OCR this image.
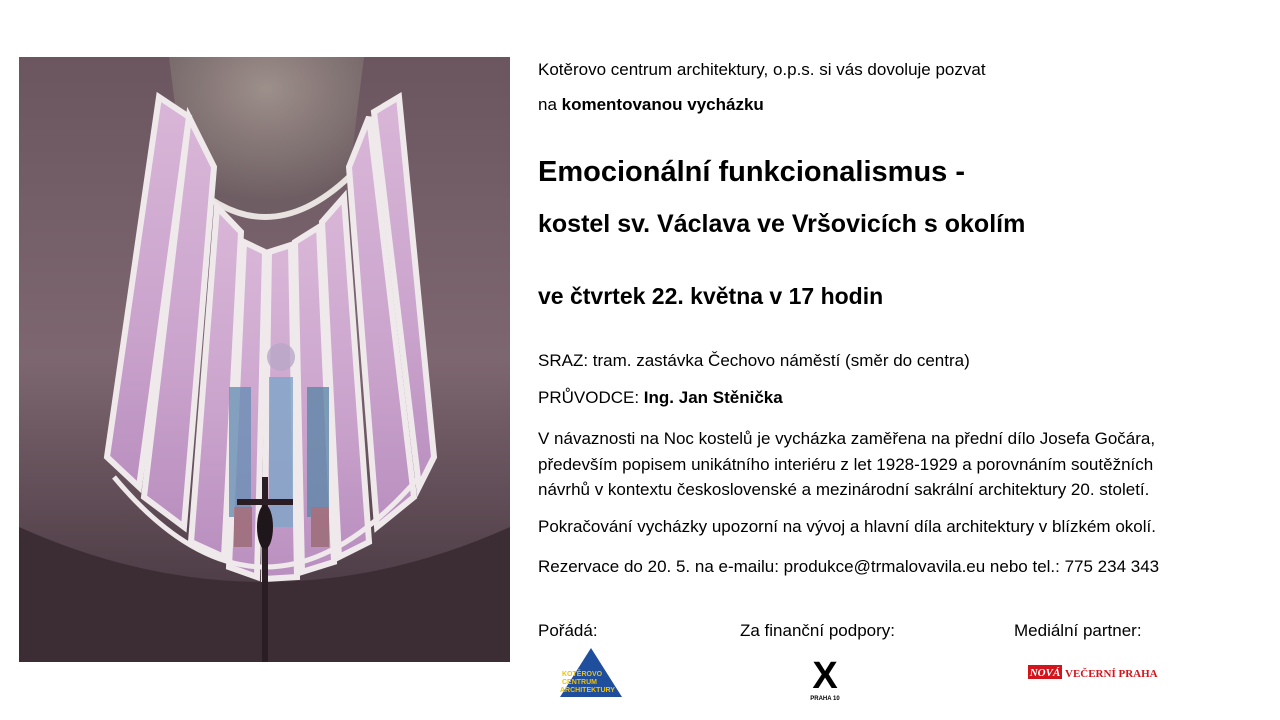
Kotěrovo centrum architektury, o.p.s. si vás dovoluje pozvat
na komentovanou vycházku
Emocionální funkcionalismus -
kostel sv. Václava ve Vršovicích s okolím
ve čtvrtek 22. května v 17 hodin
SRAZ: tram. zastávka Čechovo náměstí (směr do centra)
PRŮVODCE: Ing. Jan Stěnička
V návaznosti na Noc kostelů je vycházka zaměřena na přední dílo Josefa Gočára,
především popisem unikátního interiéru z let 1928-1929 a porovnáním soutěžních
návrhů v kontextu československé a mezinárodní sakrální architektury 20. století.
Pokračování vycházky upozorní na vývoj a hlavní díla architektury v blízkém okolí.
Rezervace do 20. 5. na e-mailu: produkce@trmalovavila.eu nebo tel.: 775 234 343
Pořádá:	Za finanční podpory:	Mediální partner:
KOTĚROVO
CENTRUM
ARCHITEKTURY	X
PRAHA 10
NOVÁ VEČERNÍ PRAHA
